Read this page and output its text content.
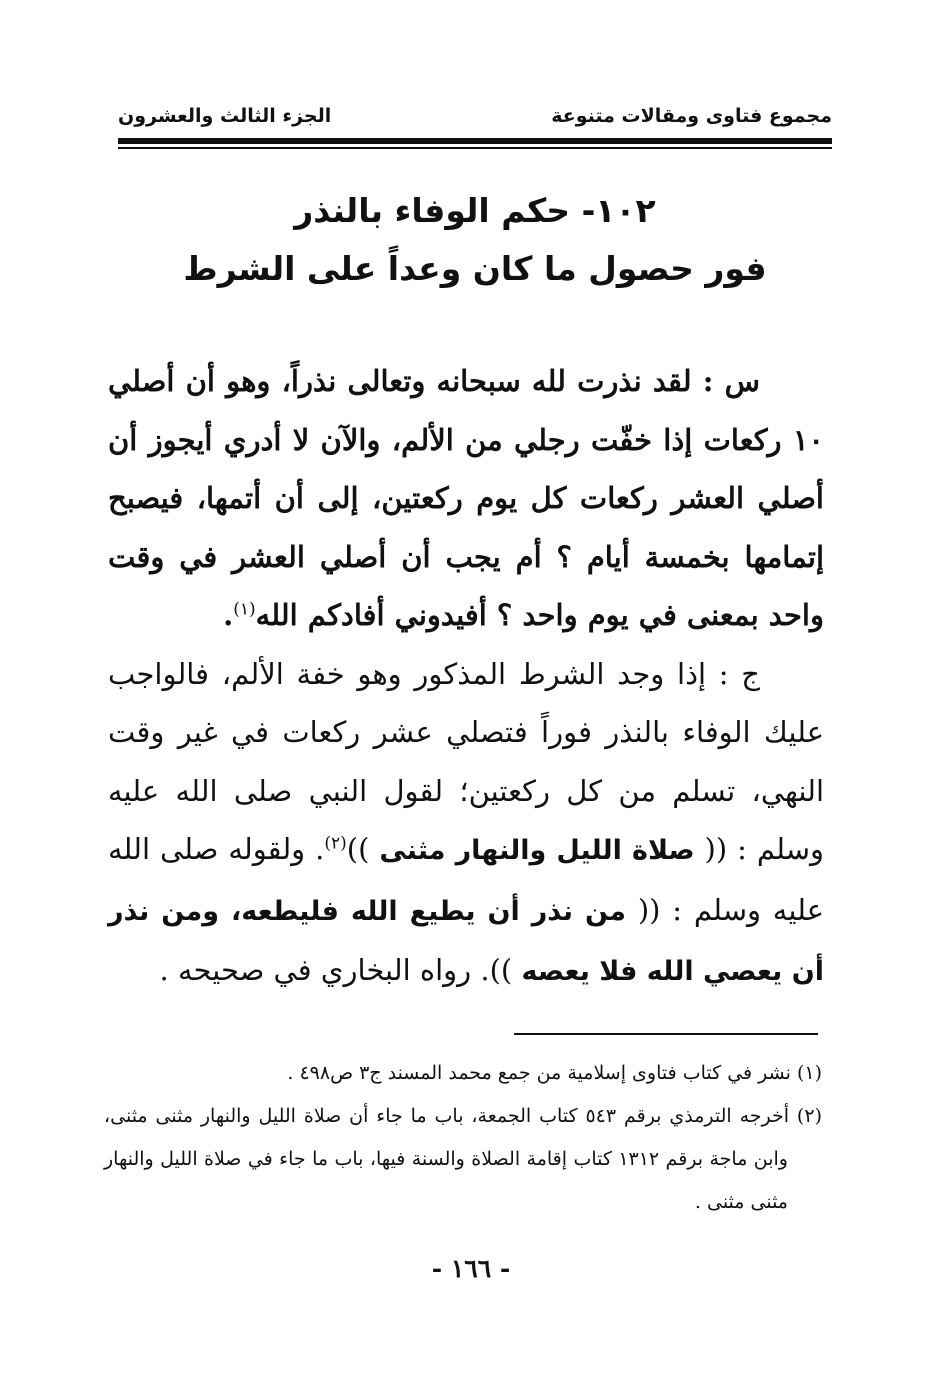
مجموع فتاوى ومقالات متنوعة
الجزء الثالث والعشرون
١٠٢- حكم الوفاء بالنذر
فور حصول ما كان وعداً على الشرط

س : لقد نذرت لله سبحانه وتعالى نذراً، وهو أن أصلي ١٠ ركعات إذا خفّت رجلي من الألم، والآن لا أدري أيجوز أن أصلي العشر ركعات كل يوم ركعتين، إلى أن أتمها، فيصبح إتمامها بخمسة أيام ؟ أم يجب أن أصلي العشر في وقت واحد بمعنى في يوم واحد ؟ أفيدوني أفادكم الله$^{(١)}$.

ج : إذا وجد الشرط المذكور وهو خفة الألم، فالواجب عليك الوفاء بالنذر فوراً فتصلي عشر ركعات في غير وقت النهي، تسلم من كل ركعتين؛ لقول النبي صلى الله عليه وسلم : (( صلاة الليل والنهار مثنى ))$^{(٢)}$. ولقوله صلى الله عليه وسلم : (( من نذر أن يطيع الله فليطعه، ومن نذر أن يعصي الله فلا يعصه )). رواه البخاري في صحيحه .

(١) نشر في كتاب فتاوى إسلامية من جمع محمد المسند ج٣ ص٤٩٨ .

(٢) أخرجه الترمذي برقم ٥٤٣ كتاب الجمعة، باب ما جاء أن صلاة الليل والنهار مثنى مثنى، وابن ماجة برقم ١٣١٢ كتاب إقامة الصلاة والسنة فيها، باب ما جاء في صلاة الليل والنهار مثنى مثنى .

- ١٦٦ -
